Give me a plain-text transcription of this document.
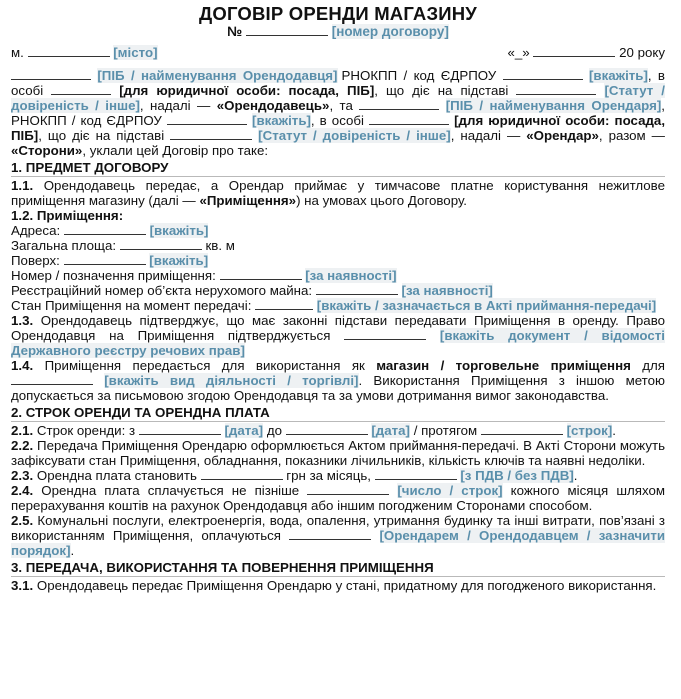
ДОГОВІР ОРЕНДИ МАГАЗИНУ
№	[номер договору]
м.	[місто]	«_»	20 року
[ПІБ / найменування Орендодавця] РНОКПП / код ЄДРПОУ	[вкажіть], в особі	[для юридичної особи: посада, ПІБ], що діє на підставі	[Статут / довіреність / інше], надалі — «Орендодавець», та	[ПІБ / найменування Орендаря], РНОКПП / код ЄДРПОУ	[вкажіть], в особі	[для юридичної особи: посада, ПІБ], що діє на підставі	[Статут / довіреність / інше], надалі — «Орендар», разом — «Сторони», уклали цей Договір про таке:
1. ПРЕДМЕТ ДОГОВОРУ
1.1. Орендодавець передає, а Орендар приймає у тимчасове платне користування нежитлове приміщення магазину (далі — «Приміщення») на умовах цього Договору.
1.2. Приміщення:
Адреса:	[вкажіть]
Загальна площа:	кв. м
Поверх:	[вкажіть]
Номер / позначення приміщення:	[за наявності]
Реєстраційний номер об’єкта нерухомого майна:	[за наявності]
Стан Приміщення на момент передачі:	[вкажіть / зазначається в Акті приймання-передачі]
1.3. Орендодавець підтверджує, що має законні підстави передавати Приміщення в оренду. Право Орендодавця на Приміщення підтверджується	[вкажіть документ / відомості Державного реєстру речових прав]
1.4. Приміщення передається для використання як магазин / торговельне приміщення для  [вкажіть вид діяльності / торгівлі]. Використання Приміщення з іншою метою допускається за письмовою згодою Орендодавця та за умови дотримання вимог законодавства.
2. СТРОК ОРЕНДИ ТА ОРЕНДНА ПЛАТА
2.1. Строк оренди: з	[дата] до	[дата] / протягом	[строк].
2.2. Передача Приміщення Орендарю оформлюється Актом приймання-передачі. В Акті Сторони можуть зафіксувати стан Приміщення, обладнання, показники лічильників, кількість ключів та наявні недоліки.
2.3. Орендна плата становить	грн за місяць,	[з ПДВ / без ПДВ].
2.4. Орендна плата сплачується не пізніше	[число / строк] кожного місяця шляхом перерахування коштів на рахунок Орендодавця або іншим погодженим Сторонами способом.
2.5. Комунальні послуги, електроенергія, вода, опалення, утримання будинку та інші витрати, пов’язані з використанням Приміщення, оплачуються	[Орендарем / Орендодавцем / зазначити порядок].
3. ПЕРЕДАЧА, ВИКОРИСТАННЯ ТА ПОВЕРНЕННЯ ПРИМІЩЕННЯ
3.1. Орендодавець передає Приміщення Орендарю у стані, придатному для погодженого використання.
